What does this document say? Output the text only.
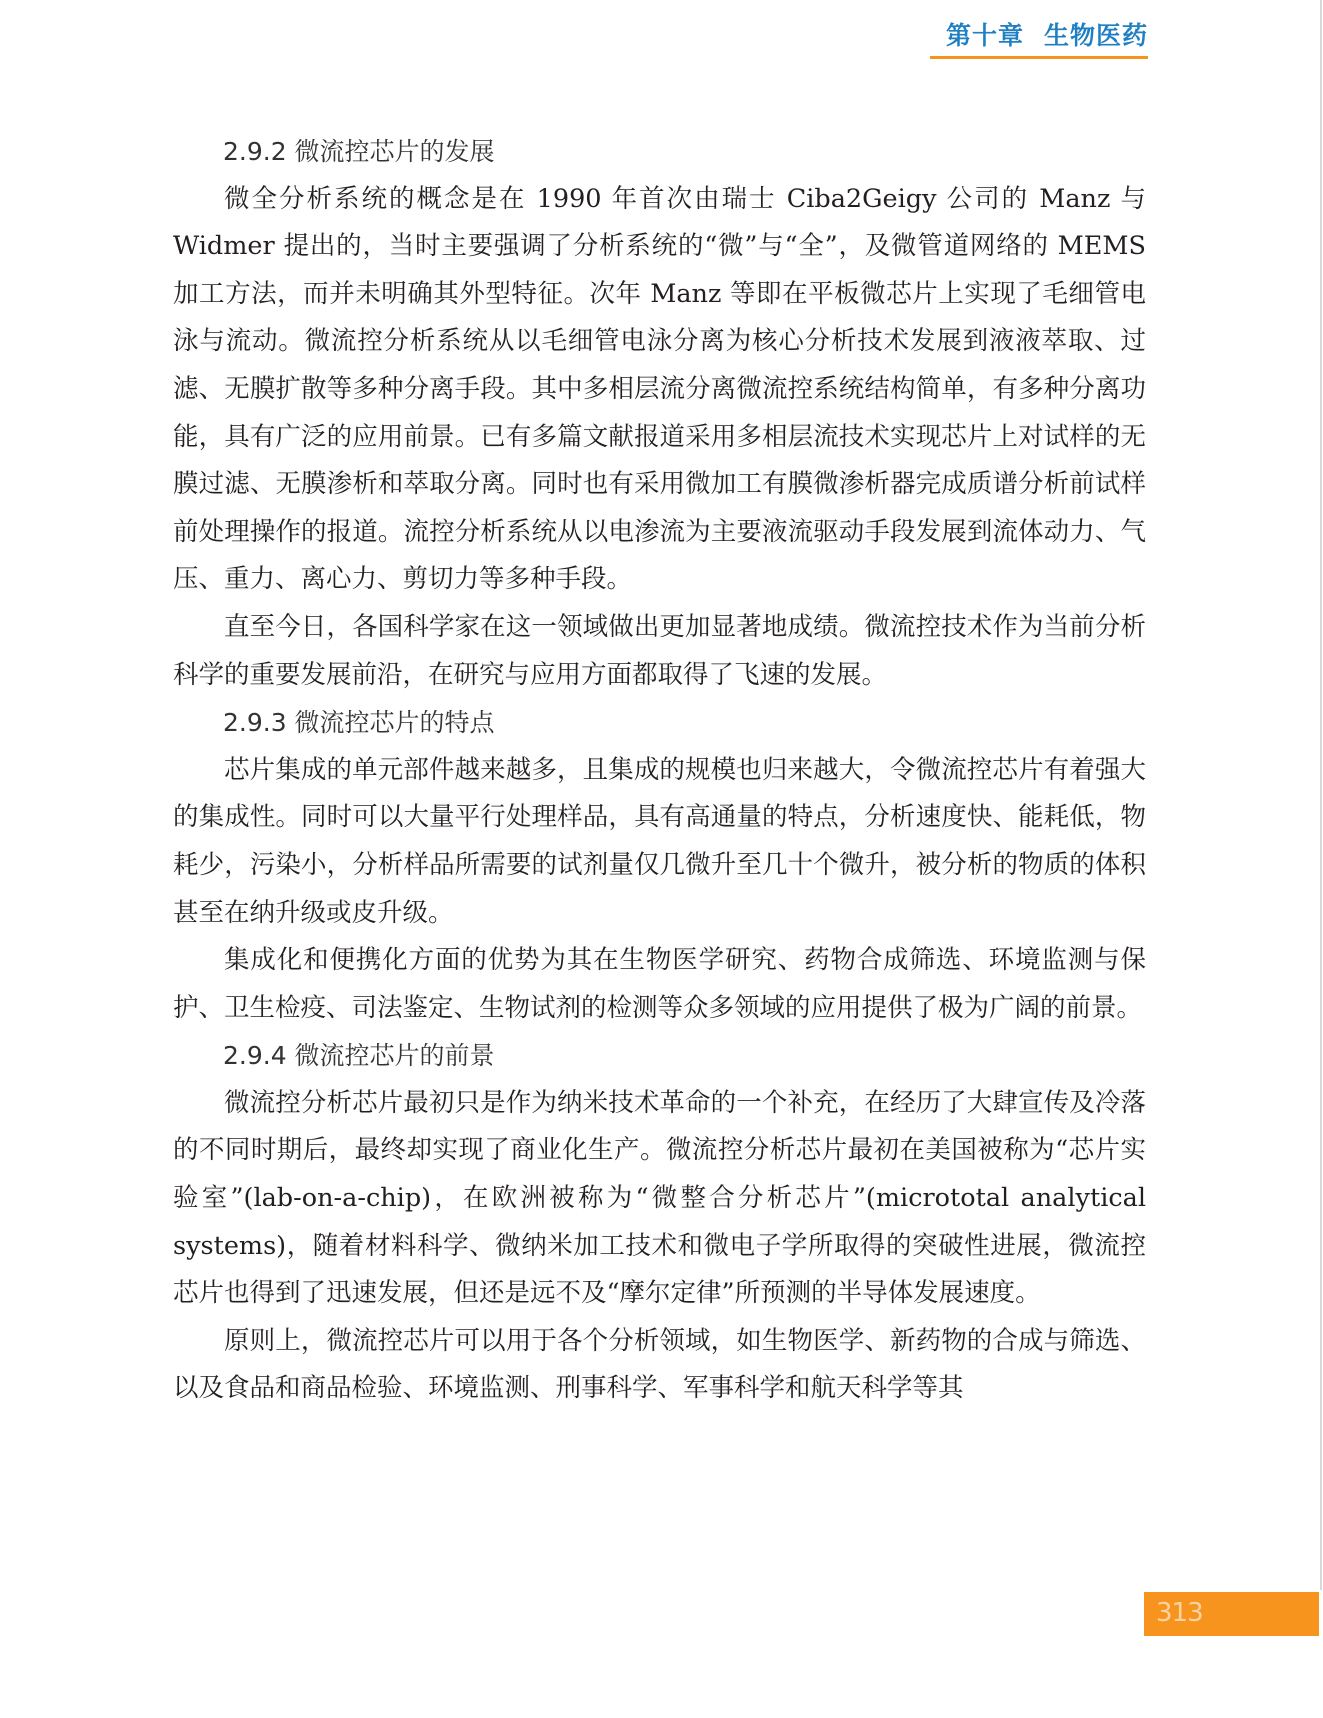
第十章 生物医药
2.9.2 微流控芯片的发展

微全分析系统的概念是在 1990 年首次由瑞士 Ciba2Geigy 公司的 Manz 与 Widmer 提出的，当时主要强调了分析系统的“微”与“全”，及微管道网络的 MEMS 加工方法，而并未明确其外型特征。次年 Manz 等即在平板微芯片上实现了毛细管电泳与流动。微流控分析系统从以毛细管电泳分离为核心分析技术发展到液液萃取、过滤、无膜扩散等多种分离手段。其中多相层流分离微流控系统结构简单，有多种分离功能，具有广泛的应用前景。已有多篇文献报道采用多相层流技术实现芯片上对试样的无膜过滤、无膜渗析和萃取分离。同时也有采用微加工有膜微渗析器完成质谱分析前试样前处理操作的报道。流控分析系统从以电渗流为主要液流驱动手段发展到流体动力、气压、重力、离心力、剪切力等多种手段。

直至今日，各国科学家在这一领域做出更加显著地成绩。微流控技术作为当前分析科学的重要发展前沿，在研究与应用方面都取得了飞速的发展。

2.9.3 微流控芯片的特点

芯片集成的单元部件越来越多，且集成的规模也归来越大，令微流控芯片有着强大的集成性。同时可以大量平行处理样品，具有高通量的特点，分析速度快、能耗低，物耗少，污染小，分析样品所需要的试剂量仅几微升至几十个微升，被分析的物质的体积甚至在纳升级或皮升级。

集成化和便携化方面的优势为其在生物医学研究、药物合成筛选、环境监测与保护、卫生检疫、司法鉴定、生物试剂的检测等众多领域的应用提供了极为广阔的前景。

2.9.4 微流控芯片的前景

微流控分析芯片最初只是作为纳米技术革命的一个补充，在经历了大肆宣传及冷落的不同时期后，最终却实现了商业化生产。微流控分析芯片最初在美国被称为“芯片实验室”(lab-on-a-chip)，在欧洲被称为“微整合分析芯片”(micrototal analytical systems)，随着材料科学、微纳米加工技术和微电子学所取得的突破性进展，微流控芯片也得到了迅速发展，但还是远不及“摩尔定律”所预测的半导体发展速度。

原则上，微流控芯片可以用于各个分析领域，如生物医学、新药物的合成与筛选、以及食品和商品检验、环境监测、刑事科学、军事科学和航天科学等其

313
